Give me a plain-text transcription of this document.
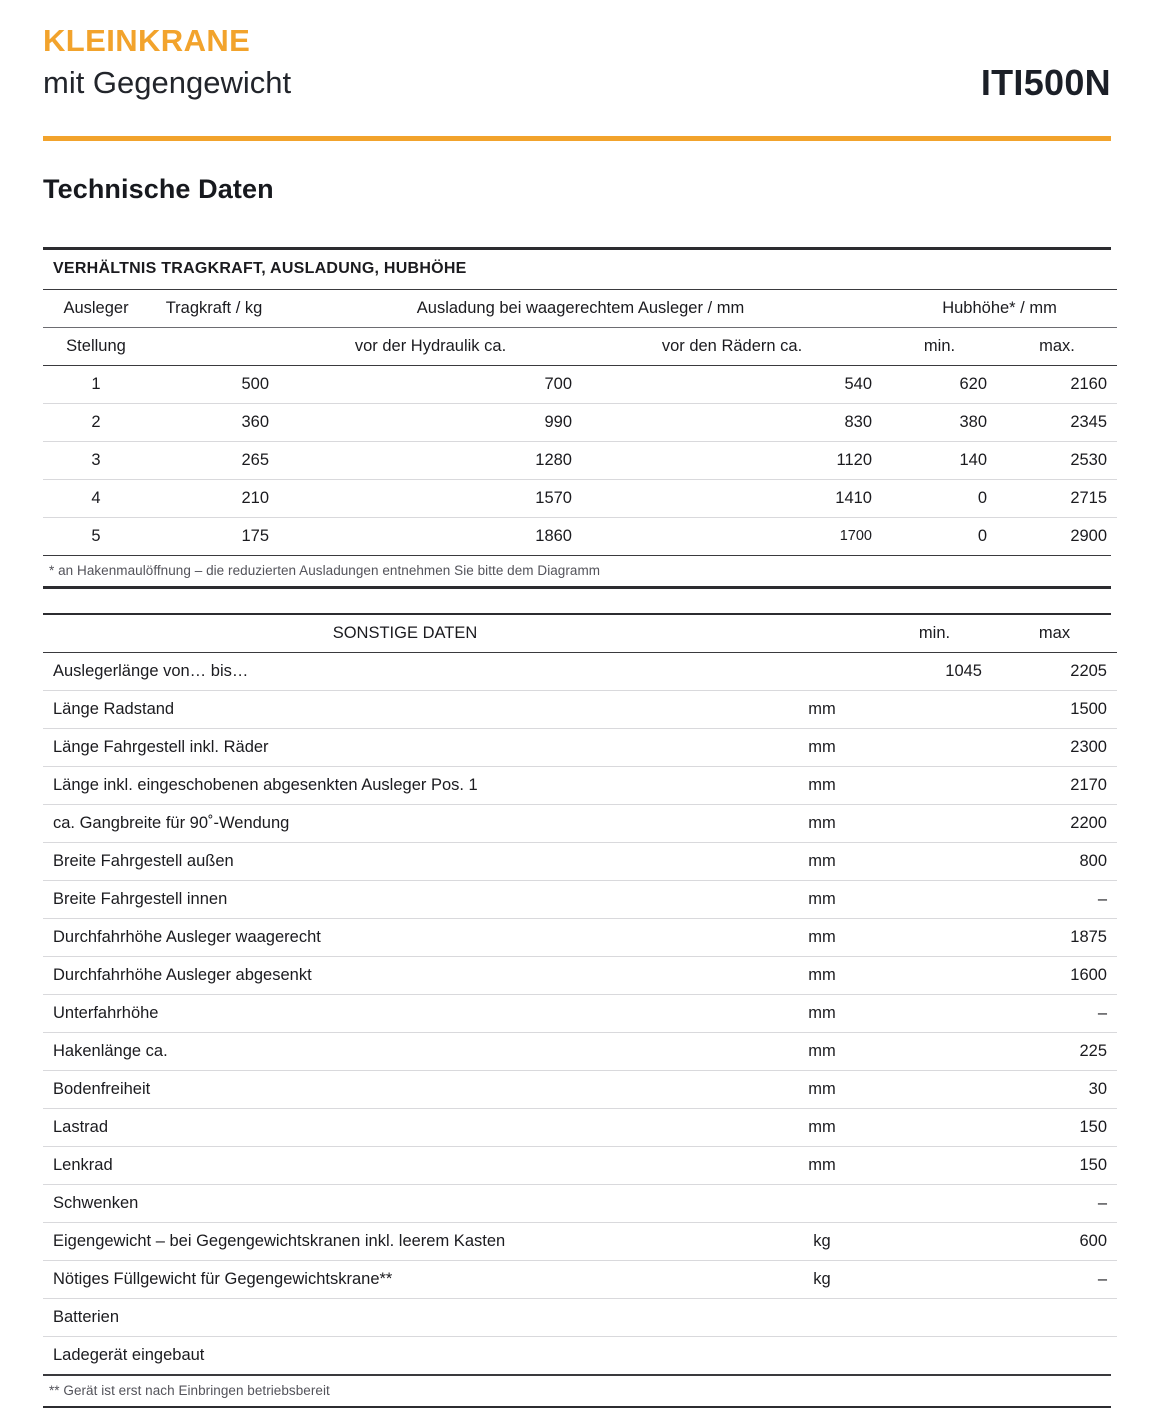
KLEINKRANE
mit Gegengewicht	ITI500N
Technische Daten
VERHÄLTNIS TRAGKRAFT, AUSLADUNG, HUBHÖHE					
Ausleger	Tragkraft / kg	Ausladung bei waagerechtem Ausleger / mm		Hubhöhe* / mm	
Stellung		vor der Hydraulik ca.	vor den Rädern ca.	min.	max.
1	500	700	540	620	2160
2	360	990	830	380	2345
3	265	1280	1120	140	2530
4	210	1570	1410	0	2715
5	175	1860	1700	0	2900
* an Hakenmaulöffnung – die reduzierten Ausladungen entnehmen Sie bitte dem Diagramm
SONSTIGE DATEN		min.	max
Auslegerlänge von… bis…		1045	2205
Länge Radstand	mm		1500
Länge Fahrgestell inkl. Räder	mm		2300
Länge inkl. eingeschobenen abgesenkten Ausleger Pos. 1	mm		2170
ca. Gangbreite für 90˚-Wendung	mm		2200
Breite Fahrgestell außen	mm		800
Breite Fahrgestell innen	mm		–
Durchfahrhöhe Ausleger waagerecht	mm		1875
Durchfahrhöhe Ausleger abgesenkt	mm		1600
Unterfahrhöhe	mm		–
Hakenlänge ca.	mm		225
Bodenfreiheit	mm		30
Lastrad	mm		150
Lenkrad	mm		150
Schwenken			–
Eigengewicht – bei Gegengewichtskranen inkl. leerem Kasten	kg		600
Nötiges Füllgewicht für Gegengewichtskrane**	kg		–
Batterien			
Ladegerät eingebaut			
** Gerät ist erst nach Einbringen betriebsbereit
